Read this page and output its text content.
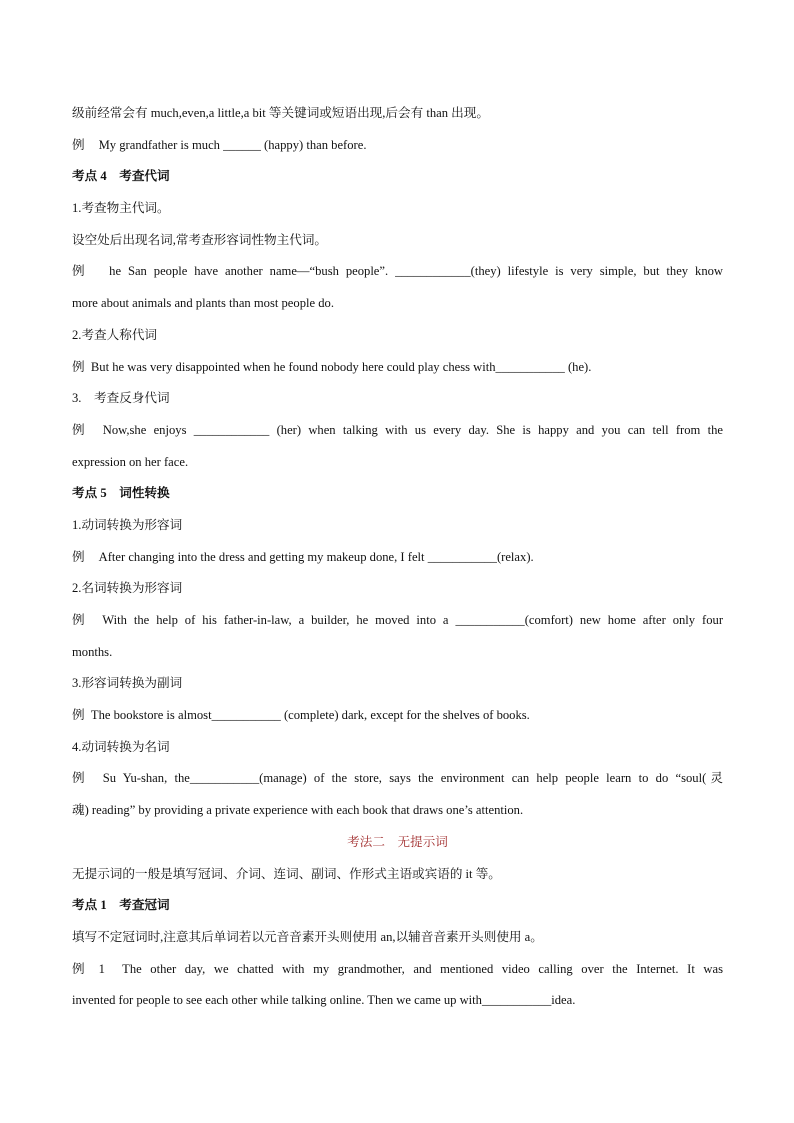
级前经常会有 much,even,a little,a bit 等关键词或短语出现,后会有 than 出现。
例 My grandfather is much ______ (happy) than before.
考点 4　考查代词
1.考查物主代词。
设空处后出现名词,常考查形容词性物主代词。
例 he San people have another name—“bush people”. ____________(they) lifestyle is very simple, but they know
more about animals and plants than most people do.
2.考查人称代词
例 But he was very disappointed when he found nobody here could play chess with___________ (he).
3.　考查反身代词
例 Now,she enjoys ____________ (her) when talking with us every day. She is happy and you can tell from the
expression on her face.
考点 5　词性转换
1.动词转换为形容词
例 After changing into the dress and getting my makeup done, I felt ___________(relax).
2.名词转换为形容词
例 With the help of his father-in-law, a builder, he moved into a ___________(comfort) new home after only four
months.
3.形容词转换为副词
例 The bookstore is almost___________ (complete) dark, except for the shelves of books.
4.动词转换为名词
例 Su Yu-shan, the___________(manage) of the store, says the environment can help people learn to do “soul(灵
魂) reading” by providing a private experience with each book that draws one’s attention.
考法二　无提示词
无提示词的一般是填写冠词、介词、连词、副词、作形式主语或宾语的 it 等。
考点 1　考查冠词
填写不定冠词时,注意其后单词若以元音音素开头则使用 an,以辅音音素开头则使用 a。
例 1 The other day, we chatted with my grandmother, and mentioned video calling over the Internet. It was
invented for people to see each other while talking online. Then we came up with___________idea.
